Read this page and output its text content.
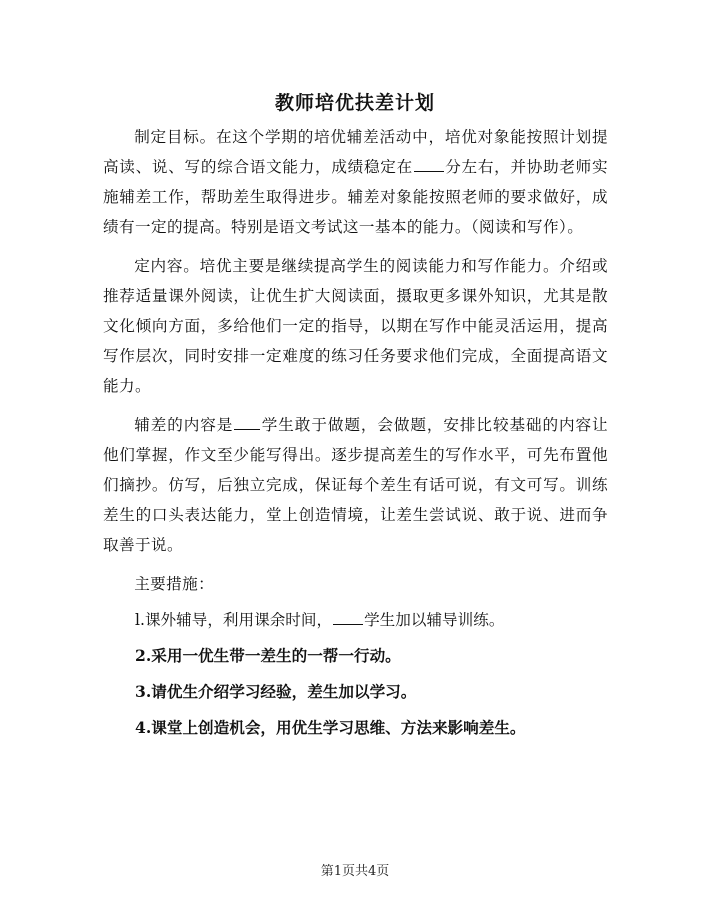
教师培优扶差计划

制定目标。在这个学期的培优辅差活动中，培优对象能按照计划提高读、说、写的综合语文能力，成绩稳定在 分左右，并协助老师实施辅差工作，帮助差生取得进步。辅差对象能按照老师的要求做好，成绩有一定的提高。特别是语文考试这一基本的能力。（阅读和写作）。

定内容。培优主要是继续提高学生的阅读能力和写作能力。介绍或推荐适量课外阅读，让优生扩大阅读面，摄取更多课外知识，尤其是散文化倾向方面，多给他们一定的指导，以期在写作中能灵活运用，提高写作层次，同时安排一定难度的练习任务要求他们完成，全面提高语文能力。

辅差的内容是 学生敢于做题，会做题，安排比较基础的内容让他们掌握，作文至少能写得出。逐步提高差生的写作水平，可先布置他们摘抄。仿写，后独立完成，保证每个差生有话可说，有文可写。训练差生的口头表达能力，堂上创造情境，让差生尝试说、敢于说、进而争取善于说。

主要措施：

l.课外辅导，利用课余时间， 学生加以辅导训练。

2.采用一优生带一差生的一帮一行动。

3.请优生介绍学习经验，差生加以学习。

4.课堂上创造机会，用优生学习思维、方法来影响差生。

第1页共4页
